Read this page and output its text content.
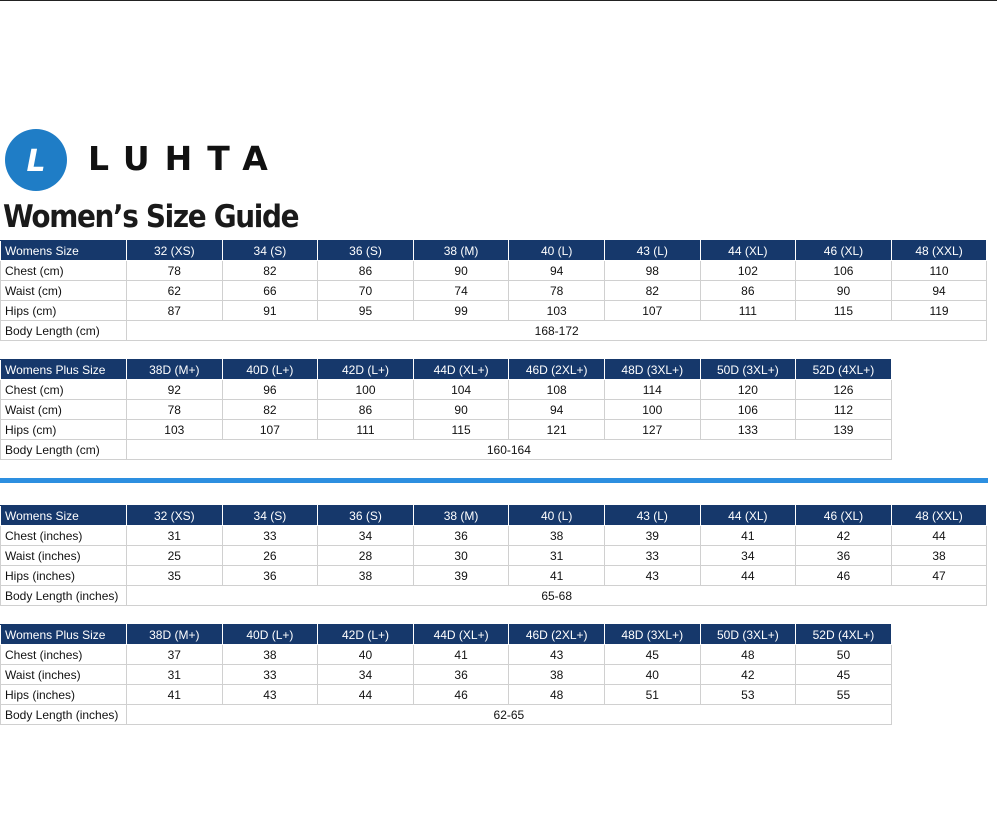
L LUHTA
Women’s Size Guide
Womens Size	32 (XS)	34 (S)	36 (S)	38 (M)	40 (L)	43 (L)	44 (XL)	46 (XL)	48 (XXL)
Chest (cm)	78	82	86	90	94	98	102	106	110
Waist (cm)	62	66	70	74	78	82	86	90	94
Hips (cm)	87	91	95	99	103	107	111	115	119
Body Length (cm)	168-172								
Womens Plus Size	38D (M+)	40D (L+)	42D (L+)	44D (XL+)	46D (2XL+)	48D (3XL+)	50D (3XL+)	52D (4XL+)
Chest (cm)	92	96	100	104	108	114	120	126
Waist (cm)	78	82	86	90	94	100	106	112
Hips (cm)	103	107	111	115	121	127	133	139
Body Length (cm)	160-164							
Womens Size	32 (XS)	34 (S)	36 (S)	38 (M)	40 (L)	43 (L)	44 (XL)	46 (XL)	48 (XXL)
Chest (inches)	31	33	34	36	38	39	41	42	44
Waist (inches)	25	26	28	30	31	33	34	36	38
Hips (inches)	35	36	38	39	41	43	44	46	47
Body Length (inches)	65-68								
Womens Plus Size	38D (M+)	40D (L+)	42D (L+)	44D (XL+)	46D (2XL+)	48D (3XL+)	50D (3XL+)	52D (4XL+)
Chest (inches)	37	38	40	41	43	45	48	50
Waist (inches)	31	33	34	36	38	40	42	45
Hips (inches)	41	43	44	46	48	51	53	55
Body Length (inches)	62-65							
